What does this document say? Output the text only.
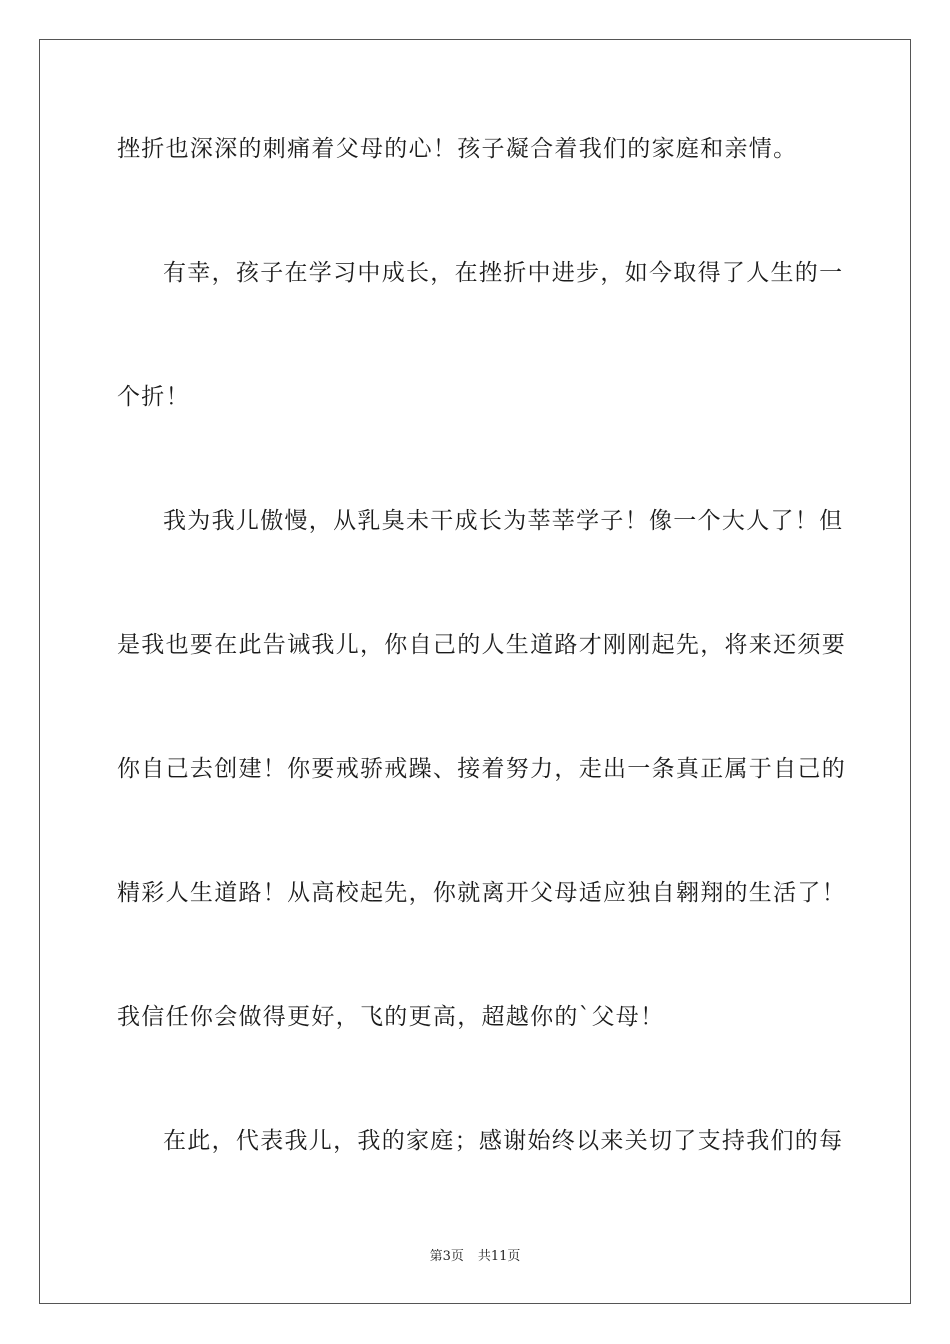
挫折也深深的刺痛着父母的心！孩子凝合着我们的家庭和亲情。
有幸，孩子在学习中成长，在挫折中进步，如今取得了人生的一
个折！
我为我儿傲慢，从乳臭未干成长为莘莘学子！像一个大人了！但
是我也要在此告诫我儿，你自己的人生道路才刚刚起先，将来还须要
你自己去创建！你要戒骄戒躁、接着努力，走出一条真正属于自己的
精彩人生道路！从高校起先，你就离开父母适应独自翱翔的生活了！
我信任你会做得更好，飞的更高，超越你的`父母！
在此，代表我儿，我的家庭；感谢始终以来关切了支持我们的每
第3页 共11页
